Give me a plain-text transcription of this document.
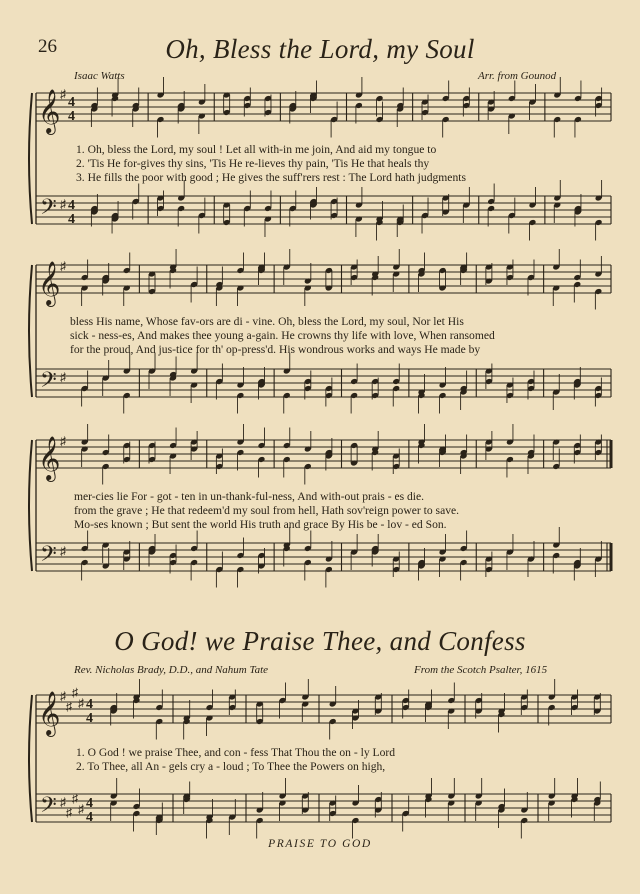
26	Oh, Bless the Lord, my Soul
Isaac Watts	Arr. from Gounod
1. Oh, bless the Lord, my soul ! Let all with-in me join, And aid my tongue to
2. 'Tis He for-gives thy sins, 'Tis He re-lieves thy pain, 'Tis He that heals thy
3. He fills the poor with good ; He gives the suff'rers rest : The Lord hath judgments
bless His name, Whose fav-ors are di - vine. Oh, bless the Lord, my soul, Nor let His
sick - ness-es, And makes thee young a-gain. He crowns thy life with love, When ransomed
for the proud, And jus-tice for th' op-press'd. His wondrous works and ways He made by
mer-cies lie For - got - ten in un-thank-ful-ness, And with-out prais - es die.
from the grave ; He that redeem'd my soul from hell, Hath sov'reign power to save.
Mo-ses known ; But sent the world His truth and grace By His be - lov - ed Son.
O God! we Praise Thee, and Confess
Rev. Nicholas Brady, D.D., and Nahum Tate	From the Scotch Psalter, 1615
1. O God ! we praise Thee, and con - fess That Thou the on - ly Lord
2. To Thee, all An - gels cry a - loud ; To Thee the Powers on high,
PRAISE TO GOD
𝄞
𝄢
♯
♯
4
4
4
4
𝄞
𝄢
♯
♯
𝄞
𝄢
♯
♯
𝄞
𝄢
♯
♯
♯
♯
♯
♯
♯
♯
4
4
4
4
